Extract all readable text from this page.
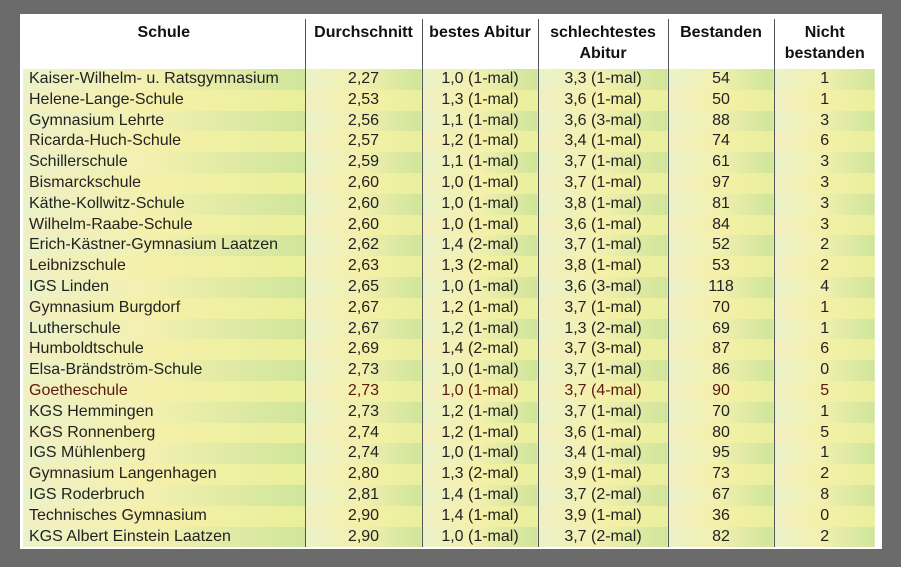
Schule	Durchschnitt	bestes Abitur	schlechtestes Abitur	Bestanden	Nicht bestanden
Kaiser-Wilhelm- u. Ratsgymnasium	2,27	1,0 (1-mal)	3,3 (1-mal)	54	1
Helene-Lange-Schule	2,53	1,3 (1-mal)	3,6 (1-mal)	50	1
Gymnasium Lehrte	2,56	1,1 (1-mal)	3,6 (3-mal)	88	3
Ricarda-Huch-Schule	2,57	1,2 (1-mal)	3,4 (1-mal)	74	6
Schillerschule	2,59	1,1 (1-mal)	3,7 (1-mal)	61	3
Bismarckschule	2,60	1,0 (1-mal)	3,7 (1-mal)	97	3
Käthe-Kollwitz-Schule	2,60	1,0 (1-mal)	3,8 (1-mal)	81	3
Wilhelm-Raabe-Schule	2,60	1,0 (1-mal)	3,6 (1-mal)	84	3
Erich-Kästner-Gymnasium Laatzen	2,62	1,4 (2-mal)	3,7 (1-mal)	52	2
Leibnizschule	2,63	1,3 (2-mal)	3,8 (1-mal)	53	2
IGS Linden	2,65	1,0 (1-mal)	3,6 (3-mal)	118	4
Gymnasium Burgdorf	2,67	1,2 (1-mal)	3,7 (1-mal)	70	1
Lutherschule	2,67	1,2 (1-mal)	1,3 (2-mal)	69	1
Humboldtschule	2,69	1,4 (2-mal)	3,7 (3-mal)	87	6
Elsa-Brändström-Schule	2,73	1,0 (1-mal)	3,7 (1-mal)	86	0
Goetheschule	2,73	1,0 (1-mal)	3,7 (4-mal)	90	5
KGS Hemmingen	2,73	1,2 (1-mal)	3,7 (1-mal)	70	1
KGS Ronnenberg	2,74	1,2 (1-mal)	3,6 (1-mal)	80	5
IGS Mühlenberg	2,74	1,0 (1-mal)	3,4 (1-mal)	95	1
Gymnasium Langenhagen	2,80	1,3 (2-mal)	3,9 (1-mal)	73	2
IGS Roderbruch	2,81	1,4 (1-mal)	3,7 (2-mal)	67	8
Technisches Gymnasium	2,90	1,4 (1-mal)	3,9 (1-mal)	36	0
KGS Albert Einstein Laatzen	2,90	1,0 (1-mal)	3,7 (2-mal)	82	2
